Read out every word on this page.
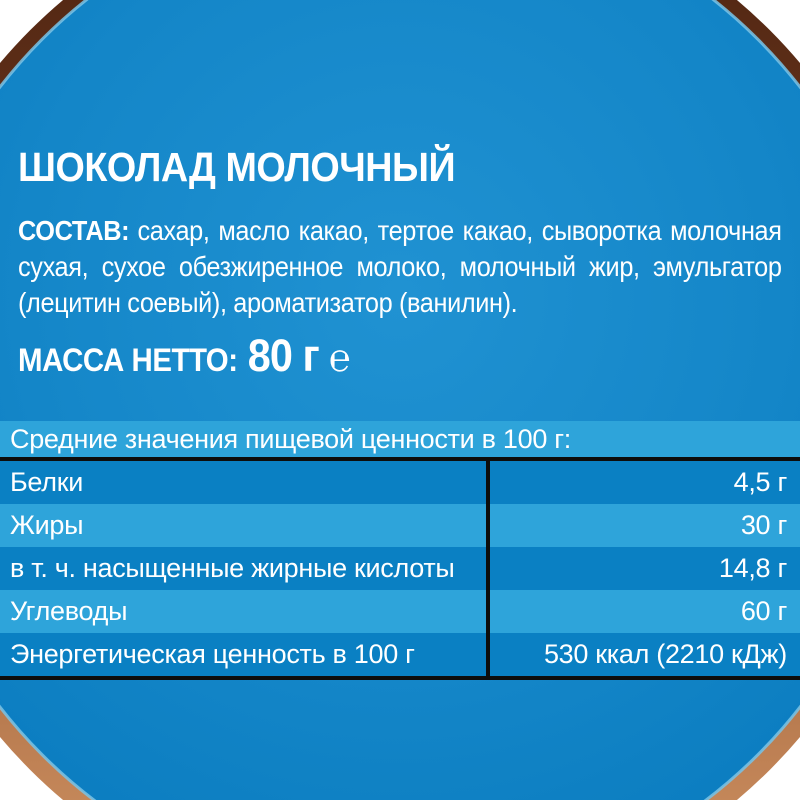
ШОКОЛАД МОЛОЧНЫЙ
СОСТАВ: сахар, масло какао, тертое какао, сыворотка молочная сухая, сухое обезжиренное молоко, молочный жир, эмульгатор (лецитин соевый), ароматизатор (ванилин).
МАССА НЕТТО: 80 г ℮
Средние значения пищевой ценности в 100 г:
Белки	4,5 г
Жиры	30 г
в т. ч. насыщенные жирные кислоты	14,8 г
Углеводы	60 г
Энергетическая ценность в 100 г	530 ккал (2210 кДж)
